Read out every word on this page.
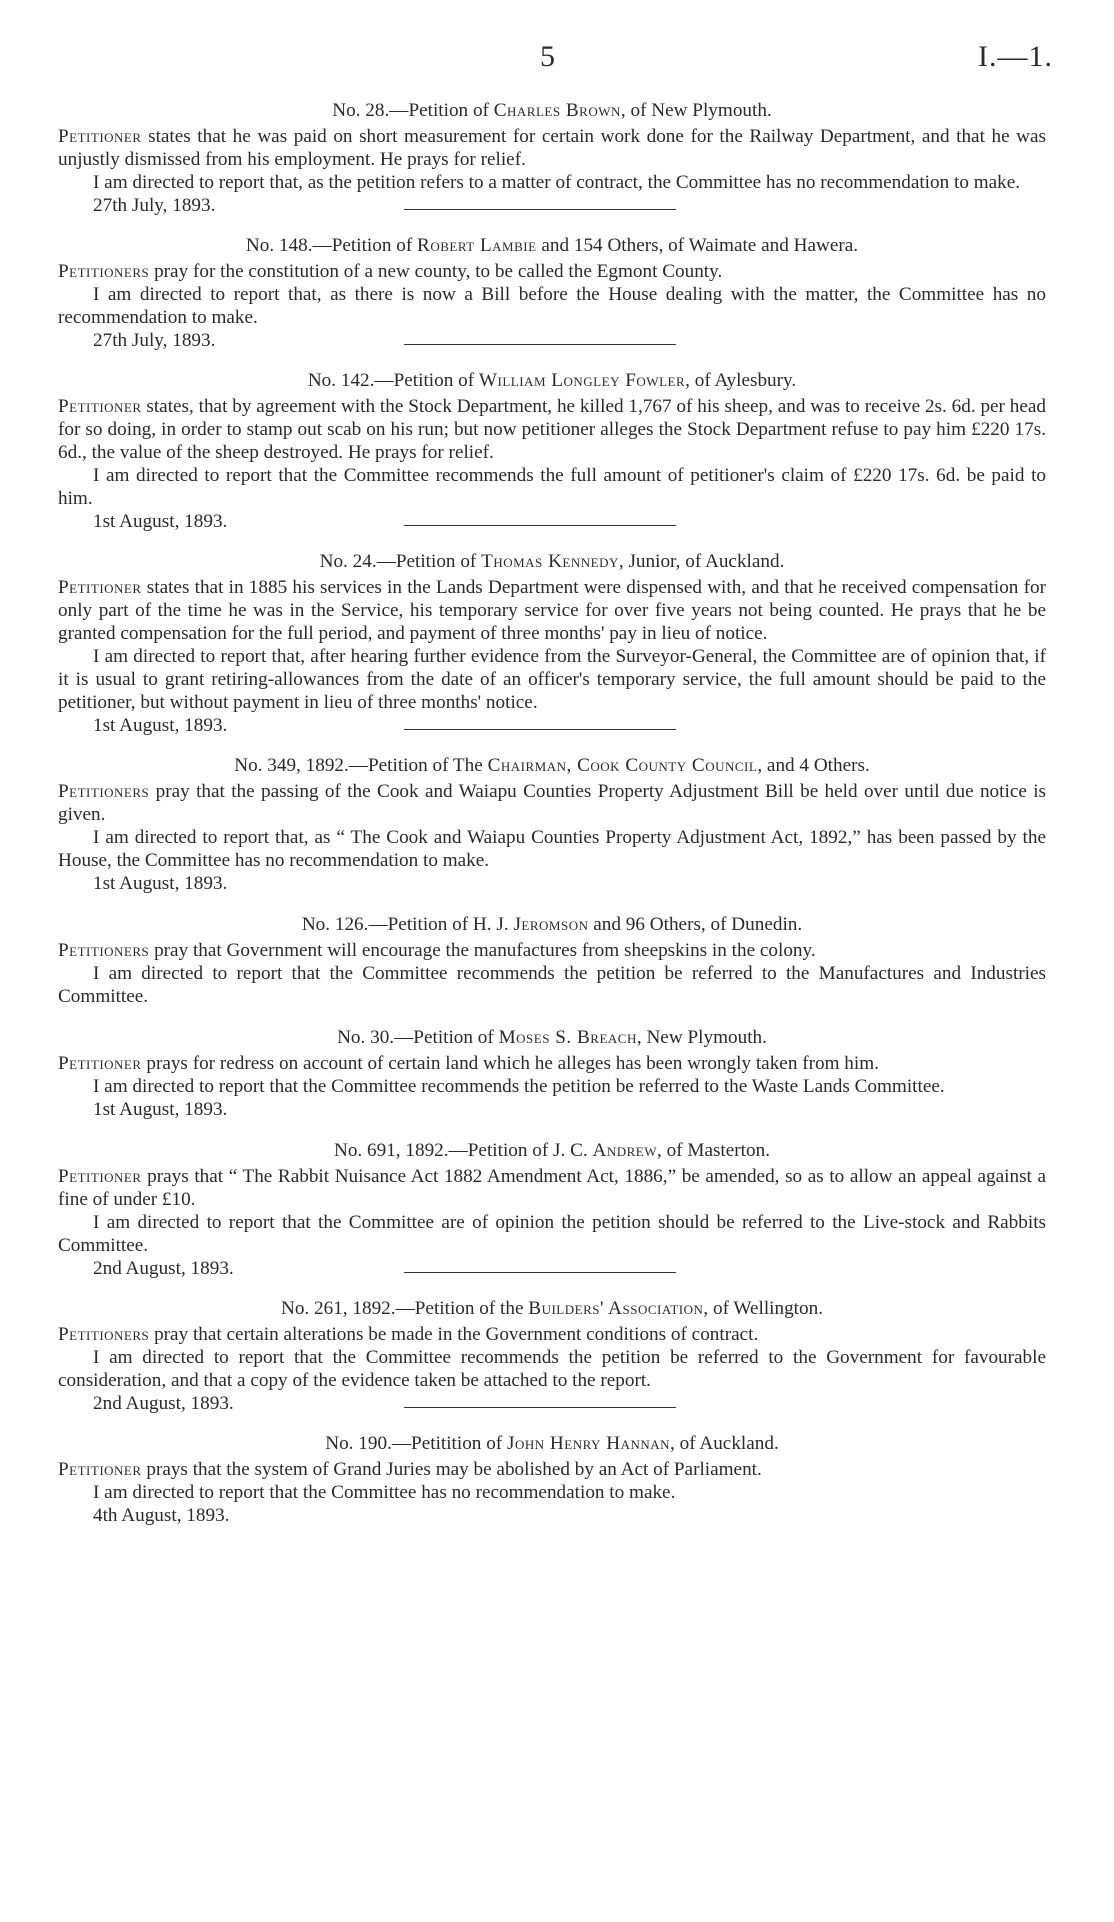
5	I.—1.
No. 28.—Petition of Charles Brown, of New Plymouth.

Petitioner states that he was paid on short measurement for certain work done for the Railway Department, and that he was unjustly dismissed from his employment. He prays for relief.

I am directed to report that, as the petition refers to a matter of contract, the Committee has no recommendation to make.

27th July, 1893.
No. 148.—Petition of Robert Lambie and 154 Others, of Waimate and Hawera.

Petitioners pray for the constitution of a new county, to be called the Egmont County.

I am directed to report that, as there is now a Bill before the House dealing with the matter, the Committee has no recommendation to make.

27th July, 1893.
No. 142.—Petition of William Longley Fowler, of Aylesbury.

Petitioner states, that by agreement with the Stock Department, he killed 1,767 of his sheep, and was to receive 2s. 6d. per head for so doing, in order to stamp out scab on his run; but now petitioner alleges the Stock Department refuse to pay him £220 17s. 6d., the value of the sheep destroyed. He prays for relief.

I am directed to report that the Committee recommends the full amount of petitioner's claim of £220 17s. 6d. be paid to him.

1st August, 1893.
No. 24.—Petition of Thomas Kennedy, Junior, of Auckland.

Petitioner states that in 1885 his services in the Lands Department were dispensed with, and that he received compensation for only part of the time he was in the Service, his temporary service for over five years not being counted. He prays that he be granted compensation for the full period, and payment of three months' pay in lieu of notice.

I am directed to report that, after hearing further evidence from the Surveyor-General, the Committee are of opinion that, if it is usual to grant retiring-allowances from the date of an officer's temporary service, the full amount should be paid to the petitioner, but without payment in lieu of three months' notice.

1st August, 1893.
No. 349, 1892.—Petition of The Chairman, Cook County Council, and 4 Others.

Petitioners pray that the passing of the Cook and Waiapu Counties Property Adjustment Bill be held over until due notice is given.

I am directed to report that, as “ The Cook and Waiapu Counties Property Adjustment Act, 1892,” has been passed by the House, the Committee has no recommendation to make.

1st August, 1893.
No. 126.—Petition of H. J. Jeromson and 96 Others, of Dunedin.

Petitioners pray that Government will encourage the manufactures from sheepskins in the colony.

I am directed to report that the Committee recommends the petition be referred to the Manufactures and Industries Committee.

No. 30.—Petition of Moses S. Breach, New Plymouth.

Petitioner prays for redress on account of certain land which he alleges has been wrongly taken from him.

I am directed to report that the Committee recommends the petition be referred to the Waste Lands Committee.

1st August, 1893.
No. 691, 1892.—Petition of J. C. Andrew, of Masterton.

Petitioner prays that “ The Rabbit Nuisance Act 1882 Amendment Act, 1886,” be amended, so as to allow an appeal against a fine of under £10.

I am directed to report that the Committee are of opinion the petition should be referred to the Live-stock and Rabbits Committee.

2nd August, 1893.
No. 261, 1892.—Petition of the Builders' Association, of Wellington.

Petitioners pray that certain alterations be made in the Government conditions of contract.

I am directed to report that the Committee recommends the petition be referred to the Government for favourable consideration, and that a copy of the evidence taken be attached to the report.

2nd August, 1893.
No. 190.—Petitition of John Henry Hannan, of Auckland.

Petitioner prays that the system of Grand Juries may be abolished by an Act of Parliament.

I am directed to report that the Committee has no recommendation to make.

4th August, 1893.
